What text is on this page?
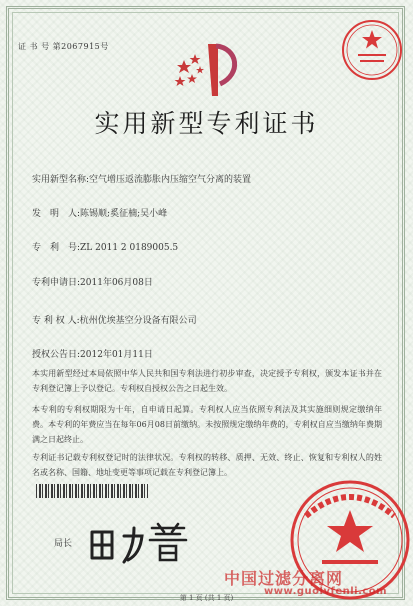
证 书 号 第2067915号
实用新型专利证书
实用新型名称:空气增压返流膨胀内压缩空气分离的装置
发　明　人:陈锡顺;奚征楠;吴小峰
专　利　号:ZL 2011 2 0189005.5
专利申请日:2011年06月08日
专 利 权 人:杭州优埃基空分设备有限公司
授权公告日:2012年01月11日

本实用新型经过本局依照中华人民共和国专利法进行初步审查，决定授予专利权，颁发本证书并在专利登记簿上予以登记。专利权自授权公告之日起生效。

本专利的专利权期限为十年，自申请日起算。专利权人应当依照专利法及其实施细则规定缴纳年费。本专利的年费应当在每年06月08日前缴纳。未按照规定缴纳年费的，专利权自应当缴纳年费期满之日起终止。

专利证书记载专利权登记时的法律状况。专利权的转移、质押、无效、终止、恢复和专利权人的姓名或名称、国籍、地址变更等事项记载在专利登记簿上。

局长
中国过滤分离网
www.guolvfenli.com
第 1 页 (共 1 页)
